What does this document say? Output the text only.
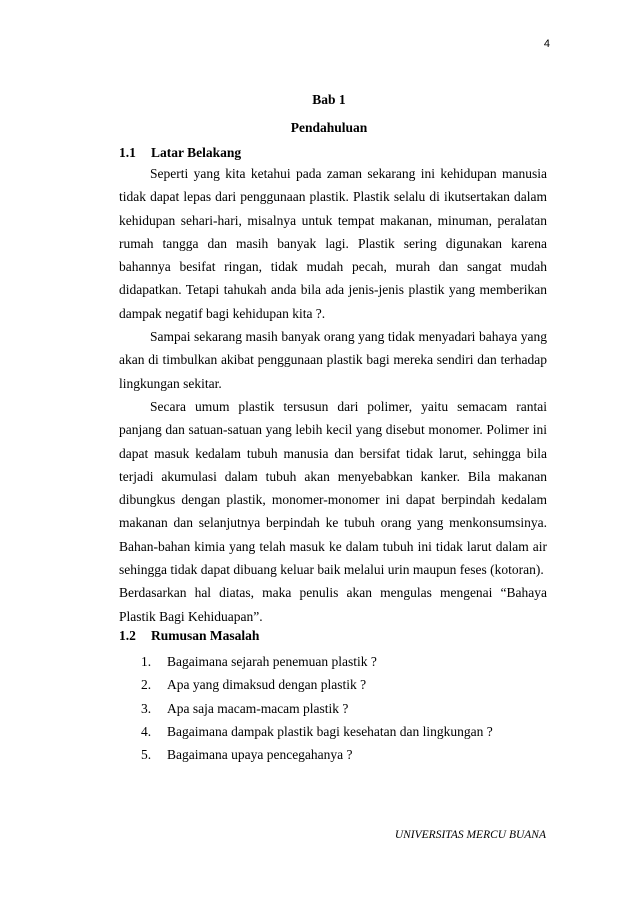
4
Bab 1
Pendahuluan
1.1 Latar Belakang

Seperti yang kita ketahui pada zaman sekarang ini kehidupan manusia tidak dapat lepas dari penggunaan plastik. Plastik selalu di ikutsertakan dalam kehidupan sehari-hari, misalnya untuk tempat makanan, minuman, peralatan rumah tangga dan masih banyak lagi. Plastik sering digunakan karena bahannya besifat ringan, tidak mudah pecah, murah dan sangat mudah didapatkan. Tetapi tahukah anda bila ada jenis-jenis plastik yang memberikan dampak negatif bagi kehidupan kita ?.

Sampai sekarang masih banyak orang yang tidak menyadari bahaya yang akan di timbulkan akibat penggunaan plastik bagi mereka sendiri dan terhadap lingkungan sekitar.

Secara umum plastik tersusun dari polimer, yaitu semacam rantai panjang dan satuan-satuan yang lebih kecil yang disebut monomer. Polimer ini dapat masuk kedalam tubuh manusia dan bersifat tidak larut, sehingga bila terjadi akumulasi dalam tubuh akan menyebabkan kanker. Bila makanan dibungkus dengan plastik, monomer-monomer ini dapat berpindah kedalam makanan dan selanjutnya berpindah ke tubuh orang yang menkonsumsinya. Bahan-bahan kimia yang telah masuk ke dalam tubuh ini tidak larut dalam air sehingga tidak dapat dibuang keluar baik melalui urin maupun feses (kotoran).

Berdasarkan hal diatas, maka penulis akan mengulas mengenai “Bahaya Plastik Bagi Kehiduapan”.

1.2 Rumusan Masalah
1. Bagaimana sejarah penemuan plastik ?
2. Apa yang dimaksud dengan plastik ?
3. Apa saja macam-macam plastik ?
4. Bagaimana dampak plastik bagi kesehatan dan lingkungan ?
5. Bagaimana upaya pencegahanya ?
UNIVERSITAS MERCU BUANA
